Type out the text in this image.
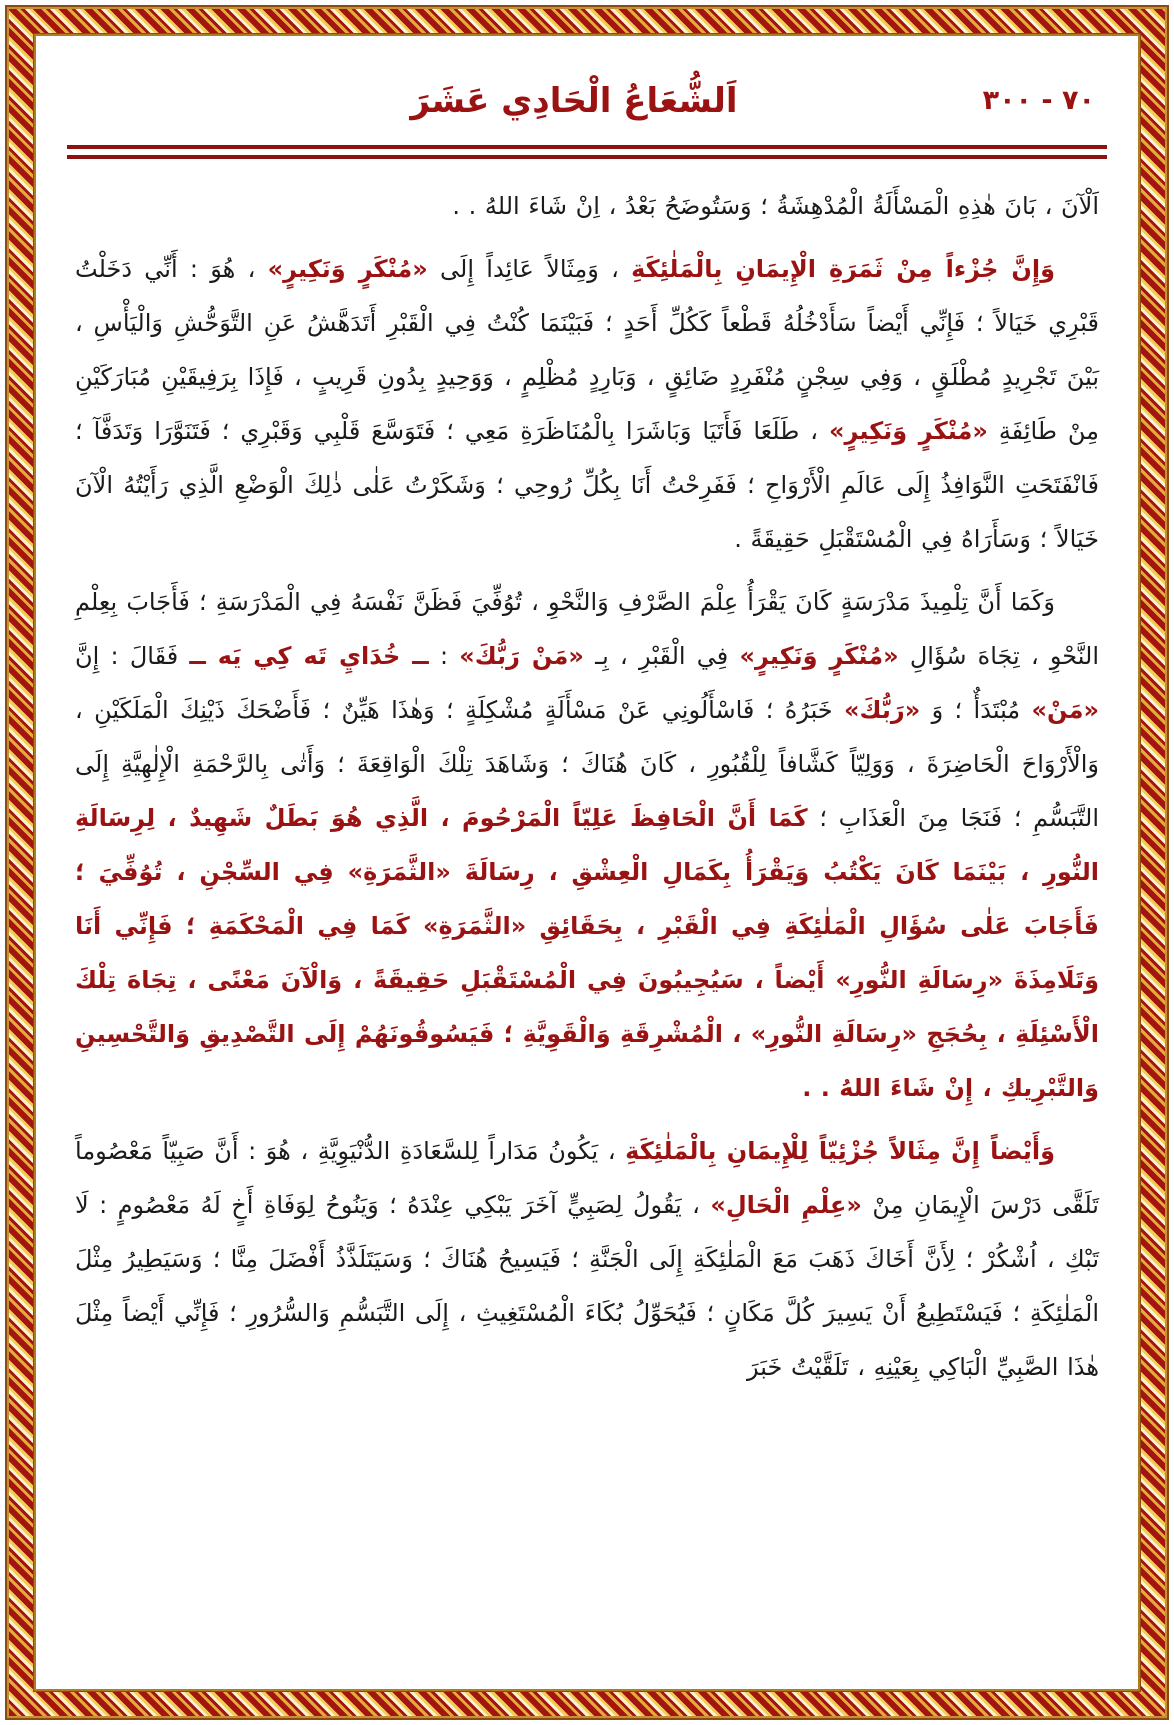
٣٠٠ - ٧٠
اَلشُّعَاعُ الْحَادِي عَشَرَ

اَلْآنَ ، بَانَ هٰذِهِ الْمَسْأَلَةُ الْمُدْهِشَةُ ؛ وَسَتُوضَحُ بَعْدُ ، اِنْ شَاءَ اللهُ . .

وَإِنَّ جُزْءاً مِنْ ثَمَرَةِ الْإِيمَانِ بِالْمَلٰئِكَةِ ، وَمِثَالاً عَائِداً إِلَى «مُنْكَرٍ وَنَكِيرٍ» ، هُوَ : أَنِّي دَخَلْتُ قَبْرِي خَيَالاً ؛ فَإِنِّي أَيْضاً سَأَدْخُلُهُ قَطْعاً كَكُلِّ أَحَدٍ ؛ فَبَيْنَمَا كُنْتُ فِي الْقَبْرِ أَتَدَهَّشُ عَنِ التَّوَحُّشِ وَالْيَأْسِ ، بَيْنَ تَجْرِيدٍ مُطْلَقٍ ، وَفِي سِجْنٍ مُنْفَرِدٍ ضَائِقٍ ، وَبَارِدٍ مُظْلِمٍ ، وَوَحِيدٍ بِدُونِ قَرِيبٍ ، فَإِذَا بِرَفِيقَيْنِ مُبَارَكَيْنِ مِنْ طَائِفَةِ «مُنْكَرٍ وَنَكِيرٍ» ، طَلَعَا فَأَتَيَا وَبَاشَرَا بِالْمُنَاظَرَةِ مَعِي ؛ فَتَوَسَّعَ قَلْبِي وَقَبْرِي ؛ فَتَنَوَّرَا وَتَدَفَّآ ؛ فَانْفَتَحَتِ النَّوَافِذُ إِلَى عَالَمِ الْأَرْوَاحِ ؛ فَفَرِحْتُ أَنَا بِكُلِّ رُوحِي ؛ وَشَكَرْتُ عَلٰى ذٰلِكَ الْوَضْعِ الَّذِي رَأَيْتُهُ الْآنَ خَيَالاً ؛ وَسَأَرَاهُ فِي الْمُسْتَقْبَلِ حَقِيقَةً .

وَكَمَا أَنَّ تِلْمِيذَ مَدْرَسَةٍ كَانَ يَقْرَأُ عِلْمَ الصَّرْفِ وَالنَّحْوِ ، تُوُفِّيَ فَظَنَّ نَفْسَهُ فِي الْمَدْرَسَةِ ؛ فَأَجَابَ بِعِلْمِ النَّحْوِ ، تِجَاهَ سُؤَالِ «مُنْكَرٍ وَنَكِيرٍ» فِي الْقَبْرِ ، بِـ «مَنْ رَبُّكَ» : ــ خُدَايِ تَه كِي يَه ــ فَقَالَ : إِنَّ «مَنْ» مُبْتَدَأٌ ؛ وَ «رَبُّكَ» خَبَرُهُ ؛ فَاسْأَلُونِي عَنْ مَسْأَلَةٍ مُشْكِلَةٍ ؛ وَهٰذَا هَيِّنٌ ؛ فَأَضْحَكَ ذَيْنِكَ الْمَلَكَيْنِ ، وَالْأَرْوَاحَ الْحَاضِرَةَ ، وَوَلِيّاً كَشَّافاً لِلْقُبُورِ ، كَانَ هُنَاكَ ؛ وَشَاهَدَ تِلْكَ الْوَاقِعَةَ ؛ وَأَتٰى بِالرَّحْمَةِ الْإِلٰهِيَّةِ إِلَى التَّبَسُّمِ ؛ فَنَجَا مِنَ الْعَذَابِ ؛ كَمَا أَنَّ الْحَافِظَ عَلِيّاً الْمَرْحُومَ ، الَّذِي هُوَ بَطَلٌ شَهِيدٌ ، لِرِسَالَةِ النُّورِ ، بَيْنَمَا كَانَ يَكْتُبُ وَيَقْرَأُ بِكَمَالِ الْعِشْقِ ، رِسَالَةَ «الثَّمَرَةِ» فِي السِّجْنِ ، تُوُفِّيَ ؛ فَأَجَابَ عَلٰى سُؤَالِ الْمَلٰئِكَةِ فِي الْقَبْرِ ، بِحَقَائِقِ «الثَّمَرَةِ» كَمَا فِي الْمَحْكَمَةِ ؛ فَإِنِّي أَنَا وَتَلَامِذَةَ «رِسَالَةِ النُّورِ» أَيْضاً ، سَيُجِيبُونَ فِي الْمُسْتَقْبَلِ حَقِيقَةً ، وَالْآنَ مَعْنًى ، تِجَاهَ تِلْكَ الْأَسْئِلَةِ ، بِحُجَجِ «رِسَالَةِ النُّورِ» ، الْمُشْرِقَةِ وَالْقَوِيَّةِ ؛ فَيَسُوقُونَهُمْ إِلَى التَّصْدِيقِ وَالتَّحْسِينِ وَالتَّبْرِيكِ ، إِنْ شَاءَ اللهُ . .

وَأَيْضاً إِنَّ مِثَالاً جُزْئِيّاً لِلْإِيمَانِ بِالْمَلٰئِكَةِ ، يَكُونُ مَدَاراً لِلسَّعَادَةِ الدُّنْيَوِيَّةِ ، هُوَ : أَنَّ صَبِيّاً مَعْصُوماً تَلَقَّى دَرْسَ الْإِيمَانِ مِنْ «عِلْمِ الْحَالِ» ، يَقُولُ لِصَبِيٍّ آخَرَ يَبْكِي عِنْدَهُ ؛ وَيَنُوحُ لِوَفَاةِ أَخٍ لَهُ مَعْصُومٍ : لَا تَبْكِ ، اُشْكُرْ ؛ لِأَنَّ أَخَاكَ ذَهَبَ مَعَ الْمَلٰئِكَةِ إِلَى الْجَنَّةِ ؛ فَيَسِيحُ هُنَاكَ ؛ وَسَيَتَلَذَّذُ أَفْضَلَ مِنَّا ؛ وَسَيَطِيرُ مِثْلَ الْمَلٰئِكَةِ ؛ فَيَسْتَطِيعُ أَنْ يَسِيرَ كُلَّ مَكَانٍ ؛ فَيُحَوِّلُ بُكَاءَ الْمُسْتَغِيثِ ، إِلَى التَّبَسُّمِ وَالسُّرُورِ ؛ فَإِنِّي أَيْضاً مِثْلَ هٰذَا الصَّبِيِّ الْبَاكِي بِعَيْنِهِ ، تَلَقَّيْتُ خَبَرَ
